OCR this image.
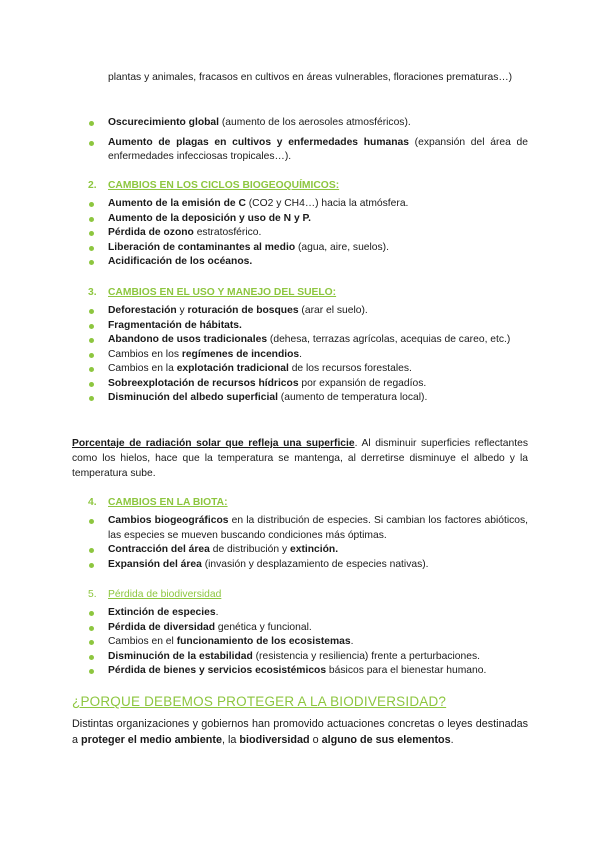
plantas y animales, fracasos en cultivos en áreas vulnerables, floraciones prematuras…)
Oscurecimiento global (aumento de los aerosoles atmosféricos).
Aumento de plagas en cultivos y enfermedades humanas (expansión del área de enfermedades infecciosas tropicales…).
2. CAMBIOS EN LOS CICLOS BIOGEOQUÍMICOS:
Aumento de la emisión de C (CO2 y CH4…) hacia la atmósfera.
Aumento de la deposición y uso de N y P.
Pérdida de ozono estratosférico.
Liberación de contaminantes al medio (agua, aire, suelos).
Acidificación de los océanos.
3. CAMBIOS EN EL USO Y MANEJO DEL SUELO:
Deforestación y roturación de bosques (arar el suelo).
Fragmentación de hábitats.
Abandono de usos tradicionales (dehesa, terrazas agrícolas, acequias de careo, etc.)
Cambios en los regímenes de incendios.
Cambios en la explotación tradicional de los recursos forestales.
Sobreexplotación de recursos hídricos por expansión de regadíos.
Disminución del albedo superficial (aumento de temperatura local).
Porcentaje de radiación solar que refleja una superficie. Al disminuir superficies reflectantes como los hielos, hace que la temperatura se mantenga, al derretirse disminuye el albedo y la temperatura sube.
4. CAMBIOS EN LA BIOTA:
Cambios biogeográficos en la distribución de especies. Si cambian los factores abióticos, las especies se mueven buscando condiciones más óptimas.
Contracción del área de distribución y extinción.
Expansión del área (invasión y desplazamiento de especies nativas).
5. Pérdida de biodiversidad
Extinción de especies.
Pérdida de diversidad genética y funcional.
Cambios en el funcionamiento de los ecosistemas.
Disminución de la estabilidad (resistencia y resiliencia) frente a perturbaciones.
Pérdida de bienes y servicios ecosistémicos básicos para el bienestar humano.
¿PORQUE DEBEMOS PROTEGER A LA BIODIVERSIDAD?
Distintas organizaciones y gobiernos han promovido actuaciones concretas o leyes destinadas a proteger el medio ambiente, la biodiversidad o alguno de sus elementos.
